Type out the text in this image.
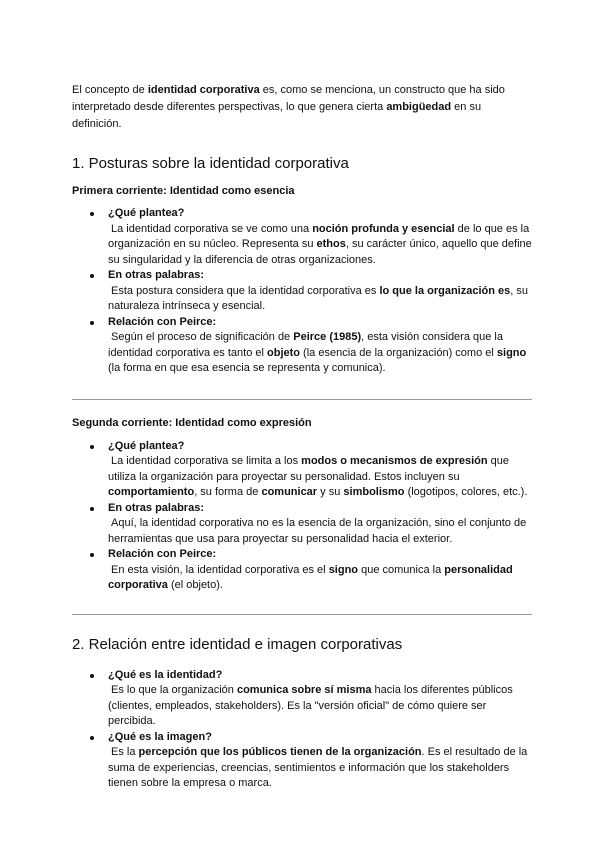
El concepto de identidad corporativa es, como se menciona, un constructo que ha sido interpretado desde diferentes perspectivas, lo que genera cierta ambigüedad en su definición.

1. Posturas sobre la identidad corporativa

Primera corriente: Identidad como esencia

¿Qué plantea?
La identidad corporativa se ve como una noción profunda y esencial de lo que es la organización en su núcleo. Representa su ethos, su carácter único, aquello que define su singularidad y la diferencia de otras organizaciones.
En otras palabras:
Esta postura considera que la identidad corporativa es lo que la organización es, su naturaleza intrínseca y esencial.
Relación con Peirce:
Según el proceso de significación de Peirce (1985), esta visión considera que la identidad corporativa es tanto el objeto (la esencia de la organización) como el signo (la forma en que esa esencia se representa y comunica).

Segunda corriente: Identidad como expresión

¿Qué plantea?
La identidad corporativa se limita a los modos o mecanismos de expresión que utiliza la organización para proyectar su personalidad. Estos incluyen su comportamiento, su forma de comunicar y su simbolismo (logotipos, colores, etc.).
En otras palabras:
Aquí, la identidad corporativa no es la esencia de la organización, sino el conjunto de herramientas que usa para proyectar su personalidad hacia el exterior.
Relación con Peirce:
En esta visión, la identidad corporativa es el signo que comunica la personalidad corporativa (el objeto).
2. Relación entre identidad e imagen corporativas
¿Qué es la identidad?
Es lo que la organización comunica sobre sí misma hacia los diferentes públicos (clientes, empleados, stakeholders). Es la "versión oficial" de cómo quiere ser percibida.
¿Qué es la imagen?
Es la percepción que los públicos tienen de la organización. Es el resultado de la suma de experiencias, creencias, sentimientos e información que los stakeholders tienen sobre la empresa o marca.
